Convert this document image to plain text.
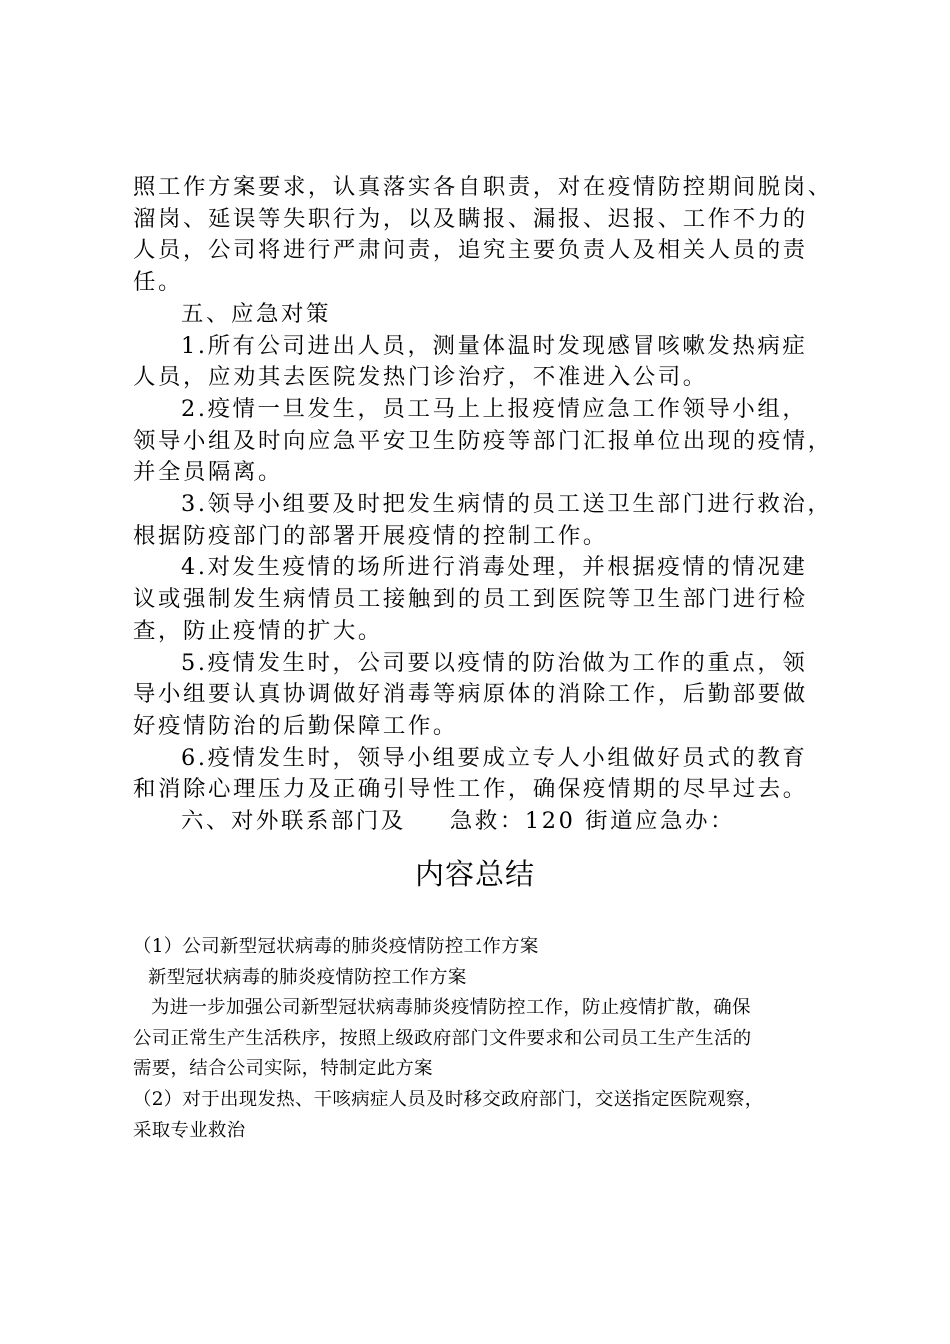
照工作方案要求，认真落实各自职责，对在疫情防控期间脱岗、

溜岗、延误等失职行为，以及瞒报、漏报、迟报、工作不力的

人员，公司将进行严肃问责，追究主要负责人及相关人员的责

任。

五、应急对策

1.所有公司进出人员，测量体温时发现感冒咳嗽发热病症

人员，应劝其去医院发热门诊治疗，不准进入公司。

2.疫情一旦发生，员工马上上报疫情应急工作领导小组，

领导小组及时向应急平安卫生防疫等部门汇报单位出现的疫情，

并全员隔离。

3.领导小组要及时把发生病情的员工送卫生部门进行救治，

根据防疫部门的部署开展疫情的控制工作。

4.对发生疫情的场所进行消毒处理，并根据疫情的情况建

议或强制发生病情员工接触到的员工到医院等卫生部门进行检

查，防止疫情的扩大。

5.疫情发生时，公司要以疫情的防治做为工作的重点，领

导小组要认真协调做好消毒等病原体的消除工作，后勤部要做

好疫情防治的后勤保障工作。

6.疫情发生时，领导小组要成立专人小组做好员式的教育

和消除心理压力及正确引导性工作，确保疫情期的尽早过去。

六、对外联系部门及 急救：120 街道应急办：

内容总结

（1）公司新型冠状病毒的肺炎疫情防控工作方案

新型冠状病毒的肺炎疫情防控工作方案

为进一步加强公司新型冠状病毒肺炎疫情防控工作，防止疫情扩散，确保

公司正常生产生活秩序，按照上级政府部门文件要求和公司员工生产生活的

需要，结合公司实际，特制定此方案

（2）对于出现发热、干咳病症人员及时移交政府部门，交送指定医院观察，

采取专业救治
